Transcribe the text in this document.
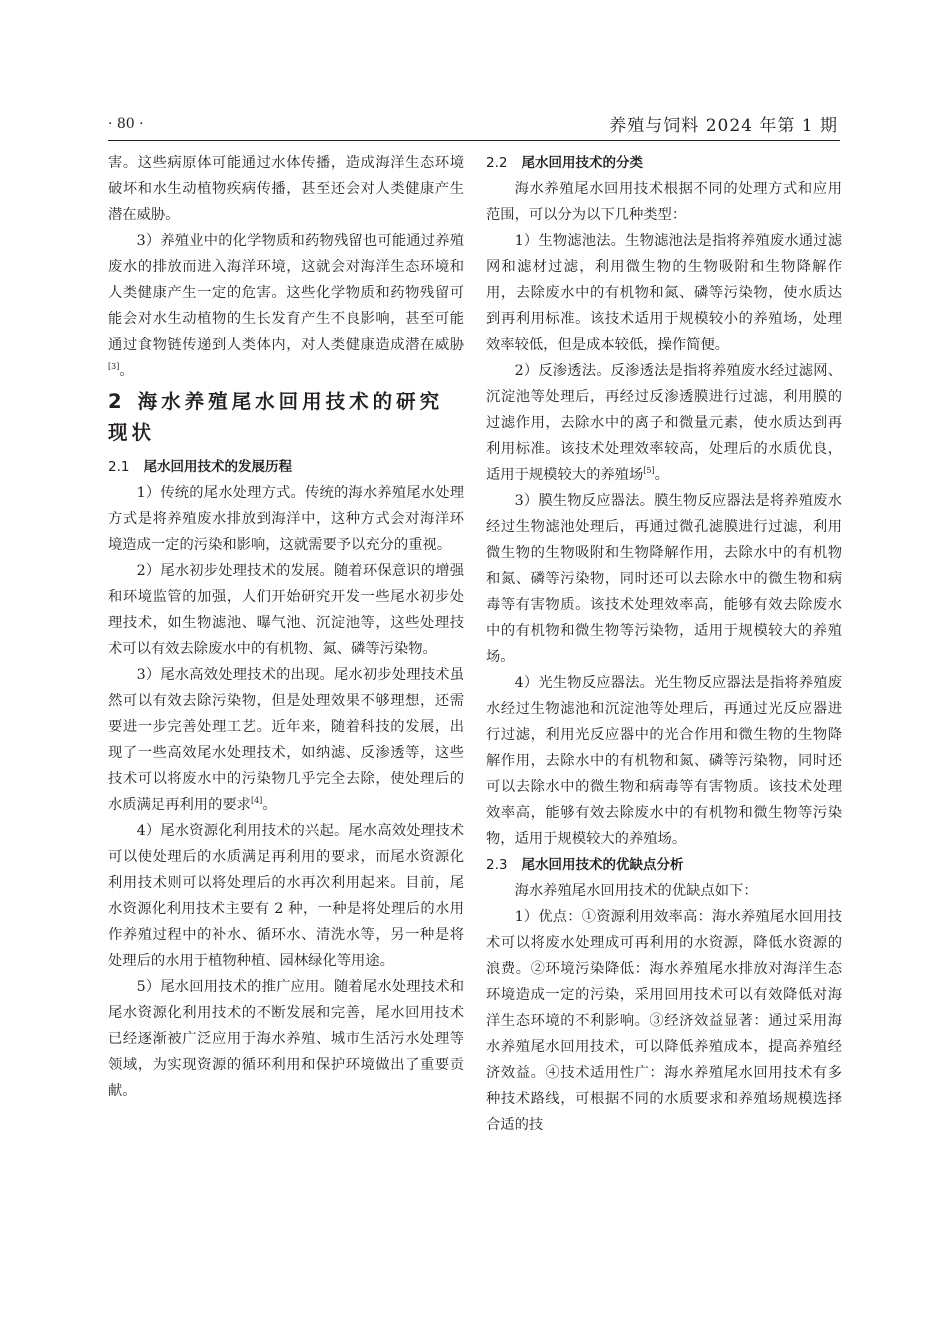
· 80 ·	养殖与饲料 2024 年第 1 期

害。这些病原体可能通过水体传播，造成海洋生态环境破坏和水生动植物疾病传播，甚至还会对人类健康产生潜在威胁。

3）养殖业中的化学物质和药物残留也可能通过养殖废水的排放而进入海洋环境，这就会对海洋生态环境和人类健康产生一定的危害。这些化学物质和药物残留可能会对水生动植物的生长发育产生不良影响，甚至可能通过食物链传递到人类体内，对人类健康造成潜在威胁[3]。

2 海水养殖尾水回用技术的研究现状
2.1 尾水回用技术的发展历程

1）传统的尾水处理方式。传统的海水养殖尾水处理方式是将养殖废水排放到海洋中，这种方式会对海洋环境造成一定的污染和影响，这就需要予以充分的重视。

2）尾水初步处理技术的发展。随着环保意识的增强和环境监管的加强，人们开始研究开发一些尾水初步处理技术，如生物滤池、曝气池、沉淀池等，这些处理技术可以有效去除废水中的有机物、氮、磷等污染物。

3）尾水高效处理技术的出现。尾水初步处理技术虽然可以有效去除污染物，但是处理效果不够理想，还需要进一步完善处理工艺。近年来，随着科技的发展，出现了一些高效尾水处理技术，如纳滤、反渗透等，这些技术可以将废水中的污染物几乎完全去除，使处理后的水质满足再利用的要求[4]。

4）尾水资源化利用技术的兴起。尾水高效处理技术可以使处理后的水质满足再利用的要求，而尾水资源化利用技术则可以将处理后的水再次利用起来。目前，尾水资源化利用技术主要有 2 种，一种是将处理后的水用作养殖过程中的补水、循环水、清洗水等，另一种是将处理后的水用于植物种植、园林绿化等用途。

5）尾水回用技术的推广应用。随着尾水处理技术和尾水资源化利用技术的不断发展和完善，尾水回用技术已经逐渐被广泛应用于海水养殖、城市生活污水处理等领域，为实现资源的循环利用和保护环境做出了重要贡献。

2.2 尾水回用技术的分类

海水养殖尾水回用技术根据不同的处理方式和应用范围，可以分为以下几种类型：

1）生物滤池法。生物滤池法是指将养殖废水通过滤网和滤材过滤，利用微生物的生物吸附和生物降解作用，去除废水中的有机物和氮、磷等污染物，使水质达到再利用标准。该技术适用于规模较小的养殖场，处理效率较低，但是成本较低，操作简便。

2）反渗透法。反渗透法是指将养殖废水经过滤网、沉淀池等处理后，再经过反渗透膜进行过滤，利用膜的过滤作用，去除水中的离子和微量元素，使水质达到再利用标准。该技术处理效率较高，处理后的水质优良，适用于规模较大的养殖场[5]。

3）膜生物反应器法。膜生物反应器法是将养殖废水经过生物滤池处理后，再通过微孔滤膜进行过滤，利用微生物的生物吸附和生物降解作用，去除水中的有机物和氮、磷等污染物，同时还可以去除水中的微生物和病毒等有害物质。该技术处理效率高，能够有效去除废水中的有机物和微生物等污染物，适用于规模较大的养殖场。

4）光生物反应器法。光生物反应器法是指将养殖废水经过生物滤池和沉淀池等处理后，再通过光反应器进行过滤，利用光反应器中的光合作用和微生物的生物降解作用，去除水中的有机物和氮、磷等污染物，同时还可以去除水中的微生物和病毒等有害物质。该技术处理效率高，能够有效去除废水中的有机物和微生物等污染物，适用于规模较大的养殖场。

2.3 尾水回用技术的优缺点分析

海水养殖尾水回用技术的优缺点如下：

1）优点：①资源利用效率高：海水养殖尾水回用技术可以将废水处理成可再利用的水资源，降低水资源的浪费。②环境污染降低：海水养殖尾水排放对海洋生态环境造成一定的污染，采用回用技术可以有效降低对海洋生态环境的不利影响。③经济效益显著：通过采用海水养殖尾水回用技术，可以降低养殖成本，提高养殖经济效益。④技术适用性广：海水养殖尾水回用技术有多种技术路线，可根据不同的水质要求和养殖场规模选择合适的技
